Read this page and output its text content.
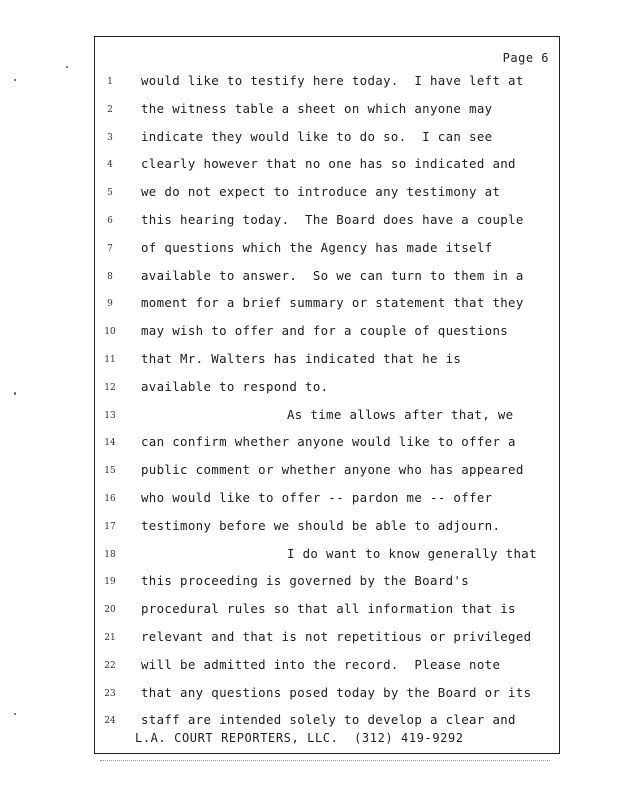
Page 6
1	would like to testify here today.  I have left at
2	the witness table a sheet on which anyone may
3	indicate they would like to do so.  I can see
4	clearly however that no one has so indicated and
5	we do not expect to introduce any testimony at
6	this hearing today.  The Board does have a couple
7	of questions which the Agency has made itself
8	available to answer.  So we can turn to them in a
9	moment for a brief summary or statement that they
10	may wish to offer and for a couple of questions
11	that Mr. Walters has indicated that he is
12	available to respond to.
13	As time allows after that, we
14	can confirm whether anyone would like to offer a
15	public comment or whether anyone who has appeared
16	who would like to offer -- pardon me -- offer
17	testimony before we should be able to adjourn.
18	I do want to know generally that
19	this proceeding is governed by the Board's
20	procedural rules so that all information that is
21	relevant and that is not repetitious or privileged
22	will be admitted into the record.  Please note
23	that any questions posed today by the Board or its
24	staff are intended solely to develop a clear and
L.A. COURT REPORTERS, LLC.  (312) 419-9292
